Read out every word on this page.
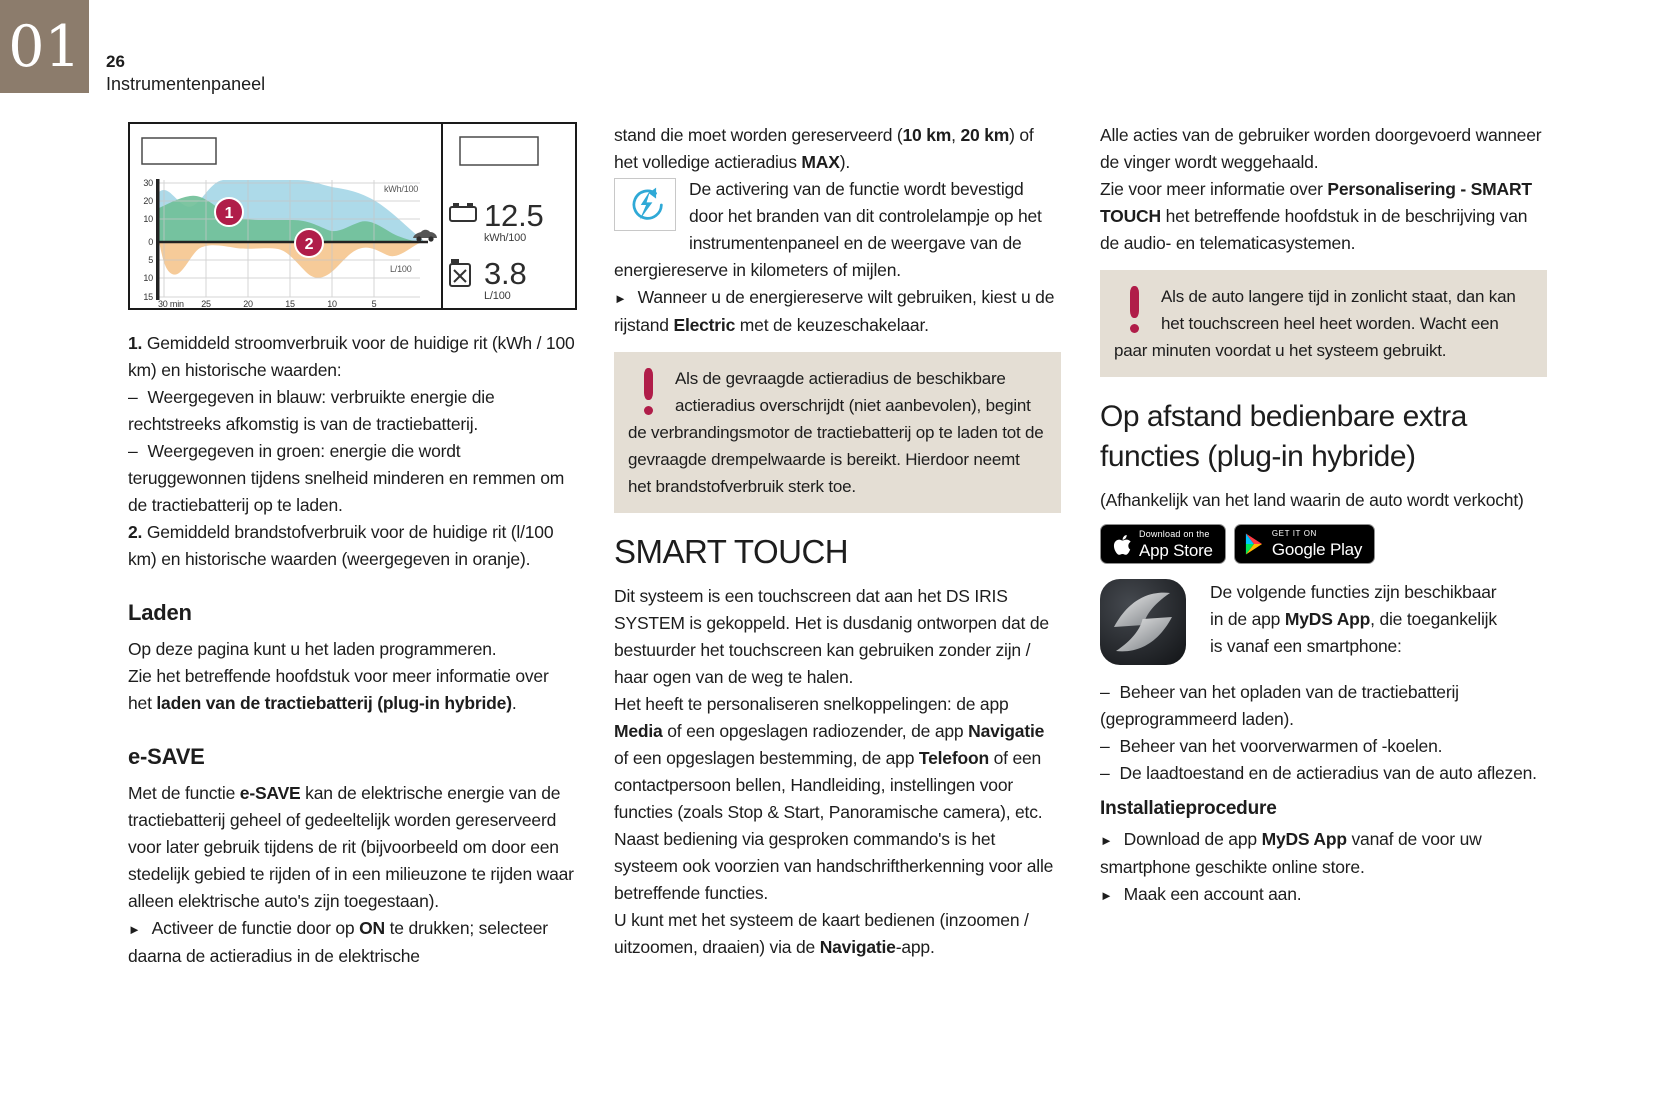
01 26
Instrumentenpaneel
30
20
10
0
5
10
15
30 min 25	20	15	10	5
kWh/100
L/100
1
2
12.5
kWh/100
3.8
L/100

1. Gemiddeld stroomverbruik voor de huidige rit (kWh / 100 km) en historische waarden:

– Weergegeven in blauw: verbruikte energie die rechtstreeks afkomstig is van de tractiebatterij.

– Weergegeven in groen: energie die wordt teruggewonnen tijdens snelheid minderen en remmen om de tractiebatterij op te laden.

2. Gemiddeld brandstofverbruik voor de huidige rit (l/100 km) en historische waarden (weergegeven in oranje).

Laden

Op deze pagina kunt u het laden programmeren.

Zie het betreffende hoofdstuk voor meer informatie over het laden van de tractiebatterij (plug-in hybride).

e-SAVE

Met de functie e-SAVE kan de elektrische energie van de tractiebatterij geheel of gedeeltelijk worden gereserveerd voor later gebruik tijdens de rit (bijvoorbeeld om door een stedelijk gebied te rijden of in een milieuzone te rijden waar alleen elektrische auto's zijn toegestaan).

► Activeer de functie door op ON te drukken; selecteer daarna de actieradius in de elektrische

stand die moet worden gereserveerd (10 km, 20 km) of het volledige actieradius MAX).

De activering van de functie wordt bevestigd door het branden van dit controlelampje op het instrumentenpaneel en de weergave van de energiereserve in kilometers of mijlen.

► Wanneer u de energiereserve wilt gebruiken, kiest u de rijstand Electric met de keuzeschakelaar.

Als de gevraagde actieradius de beschikbare actieradius overschrijdt (niet aanbevolen), begint de verbrandingsmotor de tractiebatterij op te laden tot de gevraagde drempelwaarde is bereikt. Hierdoor neemt het brandstofverbruik sterk toe.

SMART TOUCH

Dit systeem is een touchscreen dat aan het DS IRIS SYSTEM is gekoppeld. Het is dusdanig ontworpen dat de bestuurder het touchscreen kan gebruiken zonder zijn / haar ogen van de weg te halen.

Het heeft te personaliseren snelkoppelingen: de app Media of een opgeslagen radiozender, de app Navigatie of een opgeslagen bestemming, de app Telefoon of een contactpersoon bellen, Handleiding, instellingen voor functies (zoals Stop & Start, Panoramische camera), etc.

Naast bediening via gesproken commando's is het systeem ook voorzien van handschriftherkenning voor alle betreffende functies.

U kunt met het systeem de kaart bedienen (inzoomen / uitzoomen, draaien) via de Navigatie-app.

Alle acties van de gebruiker worden doorgevoerd wanneer de vinger wordt weggehaald.

Zie voor meer informatie over Personalisering - SMART TOUCH het betreffende hoofdstuk in de beschrijving van de audio- en telematicasystemen.

Als de auto langere tijd in zonlicht staat, dan kan het touchscreen heel heet worden. Wacht een paar minuten voordat u het systeem gebruikt.

Op afstand bedienbare extra functies (plug-in hybride)

(Afhankelijk van het land waarin de auto wordt verkocht)

Download on the
App Store
GET IT ON
Google Play

De volgende functies zijn beschikbaar in de app MyDS App, die toegankelijk is vanaf een smartphone:

– Beheer van het opladen van de tractiebatterij (geprogrammeerd laden).

– Beheer van het voorverwarmen of -koelen.

– De laadtoestand en de actieradius van de auto aflezen.

Installatieprocedure

► Download de app MyDS App vanaf de voor uw smartphone geschikte online store.

► Maak een account aan.
